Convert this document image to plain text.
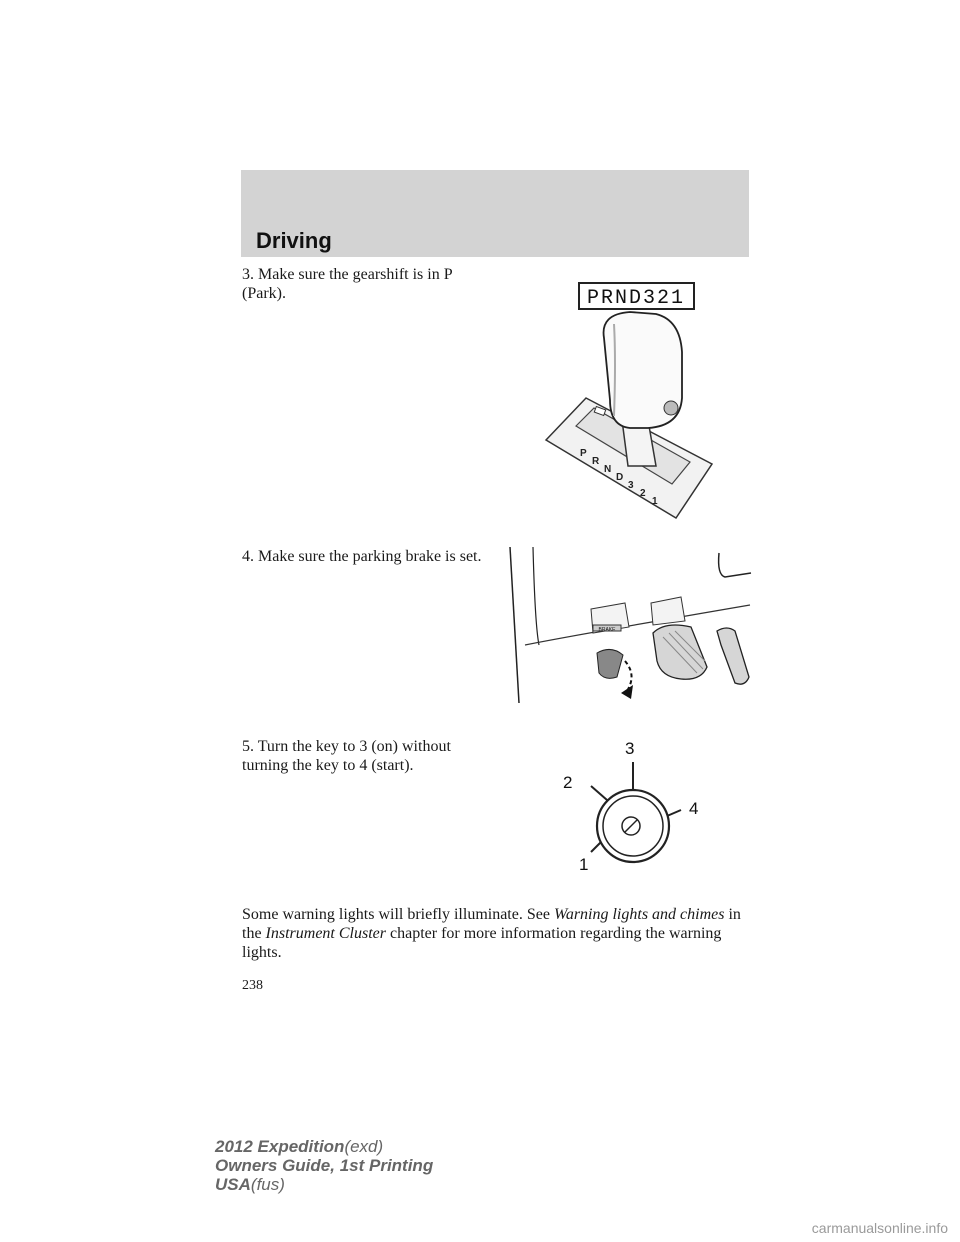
Driving
3. Make sure the gearshift is in P (Park).
4. Make sure the parking brake is set.
5. Turn the key to 3 (on) without turning the key to 4 (start).
PRND321
P
R
N
D
3
2
1
BRAKE
1
2
3
4
Some warning lights will briefly illuminate. See Warning lights and chimes in the Instrument Cluster chapter for more information regarding the warning lights.
238
2012 Expedition(exd)
Owners Guide, 1st Printing
USA(fus)
carmanualsonline.info
